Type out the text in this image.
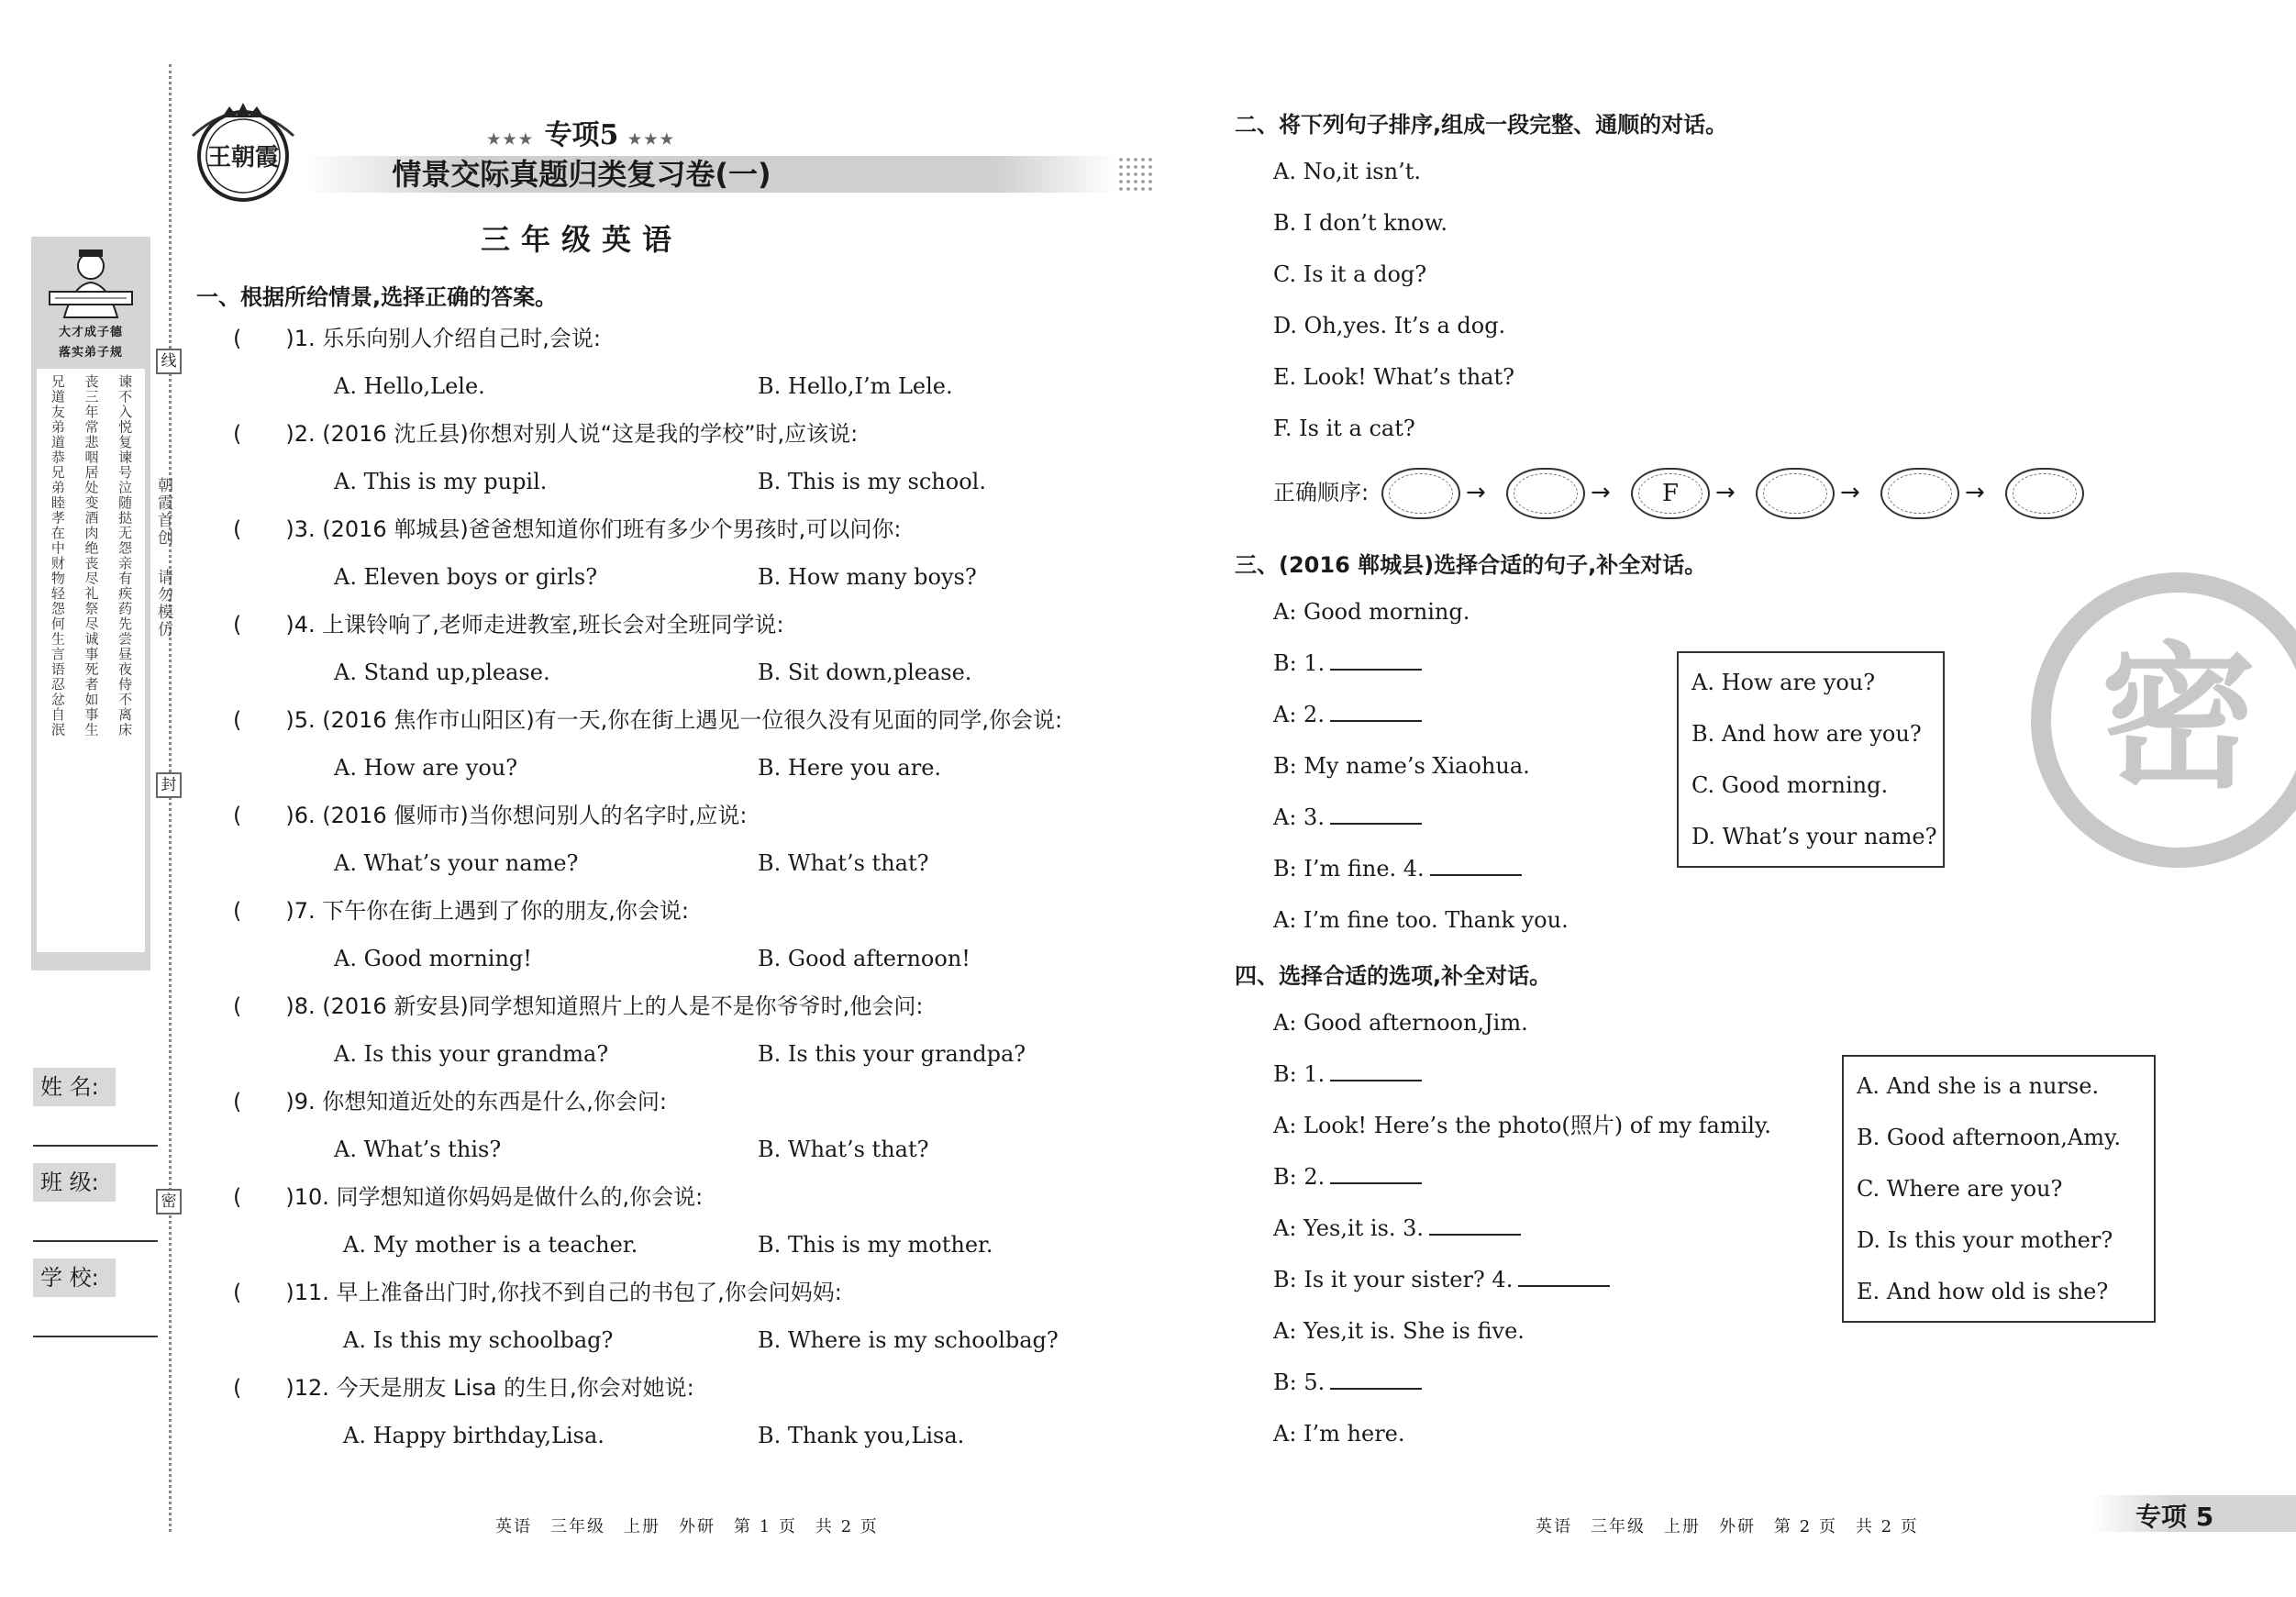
线
封
密
朝霞首创
请勿模仿
大才成子德
落实弟子规
谏不入悦复谏号泣随挞无怨亲有疾药先尝昼夜侍不离床
丧三年常悲咽居处变酒肉绝丧尽礼祭尽诚事死者如事生
兄道友弟道恭兄弟睦孝在中财物轻怨何生言语忍忿自泯
姓 名:
班 级:
学 校:
王朝霞
★★★ 专项5 ★★★
情景交际真题归类复习卷(一)
三年级英语
一、根据所给情景,选择正确的答案。
(　　)1. 乐乐向别人介绍自己时,会说:
A. Hello,Lele.	B. Hello,I’m Lele.
(　　)2. (2016 沈丘县)你想对别人说“这是我的学校”时,应该说:
A. This is my pupil.	B. This is my school.
(　　)3. (2016 郸城县)爸爸想知道你们班有多少个男孩时,可以问你:
A. Eleven boys or girls?	B. How many boys?
(　　)4. 上课铃响了,老师走进教室,班长会对全班同学说:
A. Stand up,please.	B. Sit down,please.
(　　)5. (2016 焦作市山阳区)有一天,你在街上遇见一位很久没有见面的同学,你会说:
A. How are you?	B. Here you are.
(　　)6. (2016 偃师市)当你想问别人的名字时,应说:
A. What’s your name?	B. What’s that?
(　　)7. 下午你在街上遇到了你的朋友,你会说:
A. Good morning!	B. Good afternoon!
(　　)8. (2016 新安县)同学想知道照片上的人是不是你爷爷时,他会问:
A. Is this your grandma?	B. Is this your grandpa?
(　　)9. 你想知道近处的东西是什么,你会问:
A. What’s this?	B. What’s that?
(　　)10. 同学想知道你妈妈是做什么的,你会说:
A. My mother is a teacher.	B. This is my mother.
(　　)11. 早上准备出门时,你找不到自己的书包了,你会问妈妈:
A. Is this my schoolbag?	B. Where is my schoolbag?
(　　)12. 今天是朋友 Lisa 的生日,你会对她说:
A. Happy birthday,Lisa.	B. Thank you,Lisa.
二、将下列句子排序,组成一段完整、通顺的对话。
A. No,it isn’t.
B. I don’t know.
C. Is it a dog?
D. Oh,yes. It’s a dog.
E. Look! What’s that?
F. Is it a cat?
正确顺序:	→	→	F	→	→	→
三、(2016 郸城县)选择合适的句子,补全对话。
A: Good morning.
B: 1.
A: 2.
B: My name’s Xiaohua.
A: 3.
B: I’m fine. 4.
A: I’m fine too. Thank you.
A. How are you?
B. And how are you?
C. Good morning.
D. What’s your name?
四、选择合适的选项,补全对话。
A: Good afternoon,Jim.
B: 1.
A: Look! Here’s the photo(照片) of my family.
B: 2.
A: Yes,it is. 3.
B: Is it your sister? 4.
A: Yes,it is. She is five.
B: 5.
A: I’m here.
A. And she is a nurse.
B. Good afternoon,Amy.
C. Where are you?
D. Is this your mother?
E. And how old is she?
密
英语　三年级　上册　外研　第 1 页　共 2 页	英语　三年级　上册　外研　第 2 页　共 2 页	专项 5
